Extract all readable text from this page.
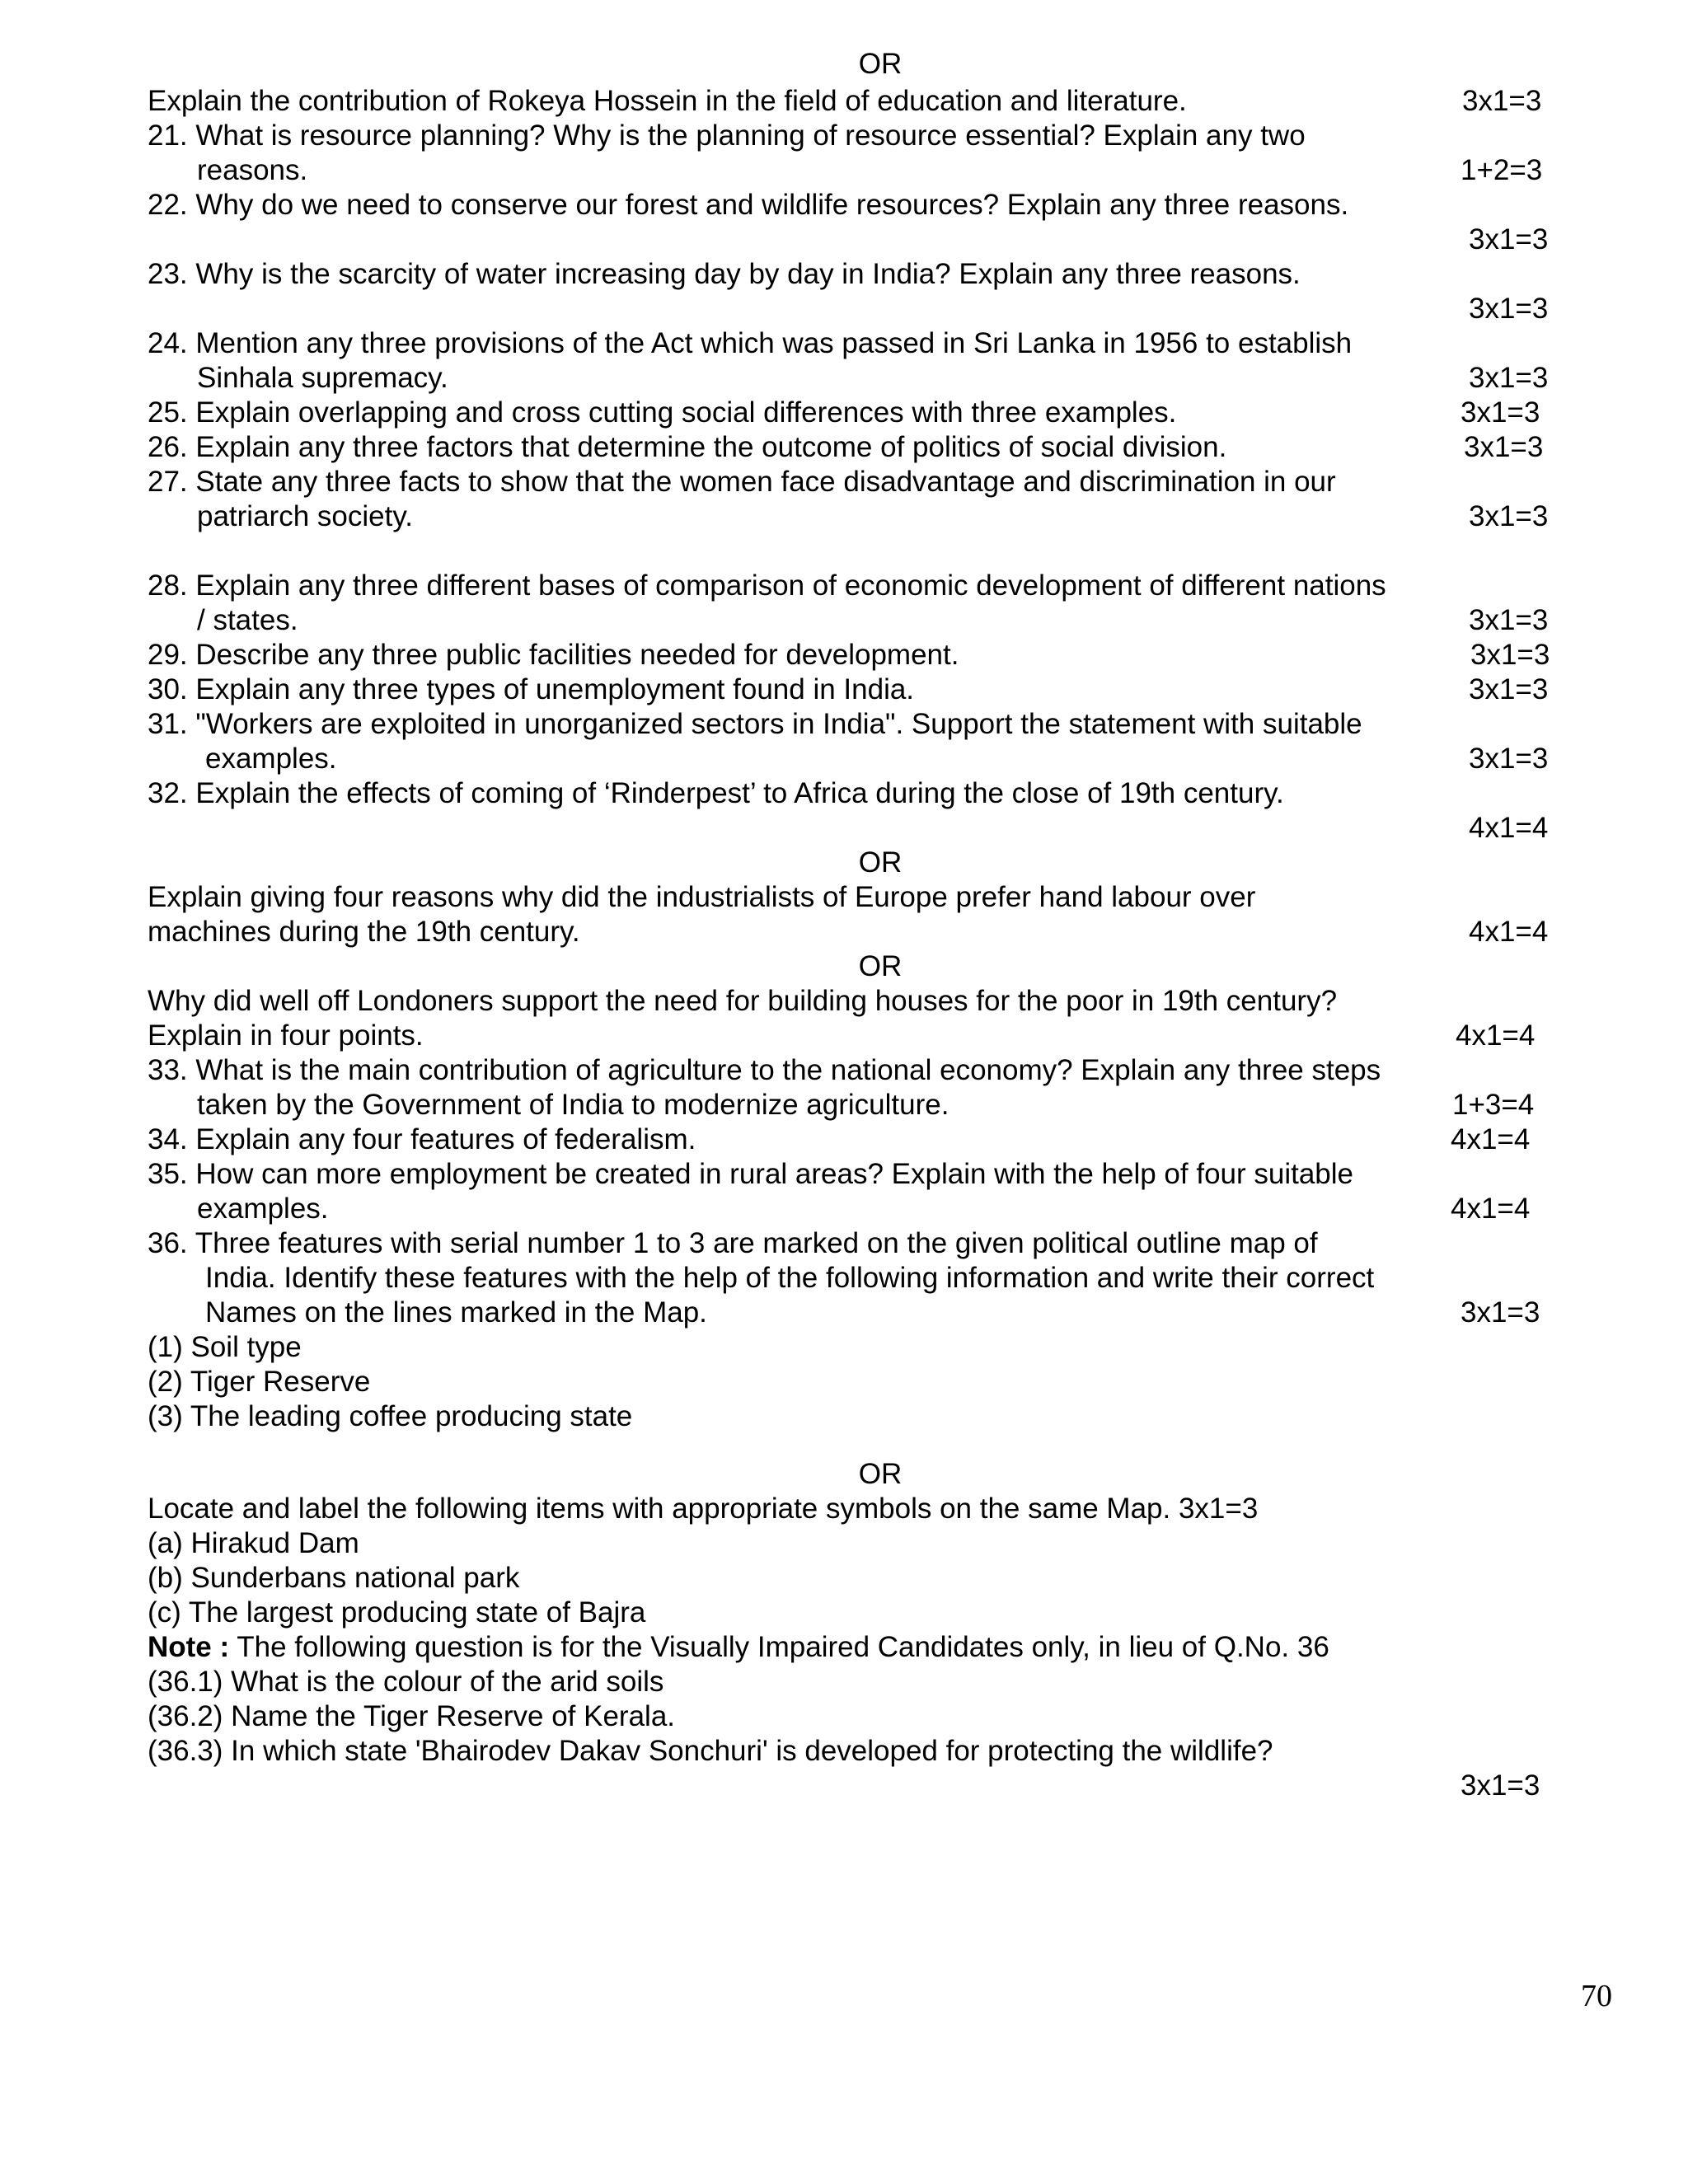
OR
Explain the contribution of Rokeya Hossein in the field of education and literature.	3x1=3
21. What is resource planning? Why is the planning of resource essential? Explain any two
reasons.	1+2=3
22. Why do we need to conserve our forest and wildlife resources? Explain any three reasons.
3x1=3
23. Why is the scarcity of water increasing day by day in India? Explain any three reasons.
3x1=3
24. Mention any three provisions of the Act which was passed in Sri Lanka in 1956 to establish
Sinhala supremacy.	3x1=3
25. Explain overlapping and cross cutting social differences with three examples.	3x1=3
26. Explain any three factors that determine the outcome of politics of social division.	3x1=3
27. State any three facts to show that the women face disadvantage and discrimination in our
patriarch society.	3x1=3
28. Explain any three different bases of comparison of economic development of different nations
/ states.	3x1=3
29. Describe any three public facilities needed for development.	3x1=3
30. Explain any three types of unemployment found in India.	3x1=3
31. "Workers are exploited in unorganized sectors in India". Support the statement with suitable
examples.	3x1=3
32. Explain the effects of coming of ‘Rinderpest’ to Africa during the close of 19th century.
4x1=4
OR
Explain giving four reasons why did the industrialists of Europe prefer hand labour over
machines during the 19th century.	4x1=4
OR
Why did well off Londoners support the need for building houses for the poor in 19th century?
Explain in four points.	4x1=4
33. What is the main contribution of agriculture to the national economy? Explain any three steps
taken by the Government of India to modernize agriculture.	1+3=4
34. Explain any four features of federalism.	4x1=4
35. How can more employment be created in rural areas? Explain with the help of four suitable
examples.	4x1=4
36. Three features with serial number 1 to 3 are marked on the given political outline map of
India. Identify these features with the help of the following information and write their correct
Names on the lines marked in the Map.	3x1=3
(1) Soil type
(2) Tiger Reserve
(3) The leading coffee producing state
OR
Locate and label the following items with appropriate symbols on the same Map. 3x1=3
(a) Hirakud Dam
(b) Sunderbans national park
(c) The largest producing state of Bajra
Note : The following question is for the Visually Impaired Candidates only, in lieu of Q.No. 36
(36.1) What is the colour of the arid soils
(36.2) Name the Tiger Reserve of Kerala.
(36.3) In which state 'Bhairodev Dakav Sonchuri' is developed for protecting the wildlife?
3x1=3
70
